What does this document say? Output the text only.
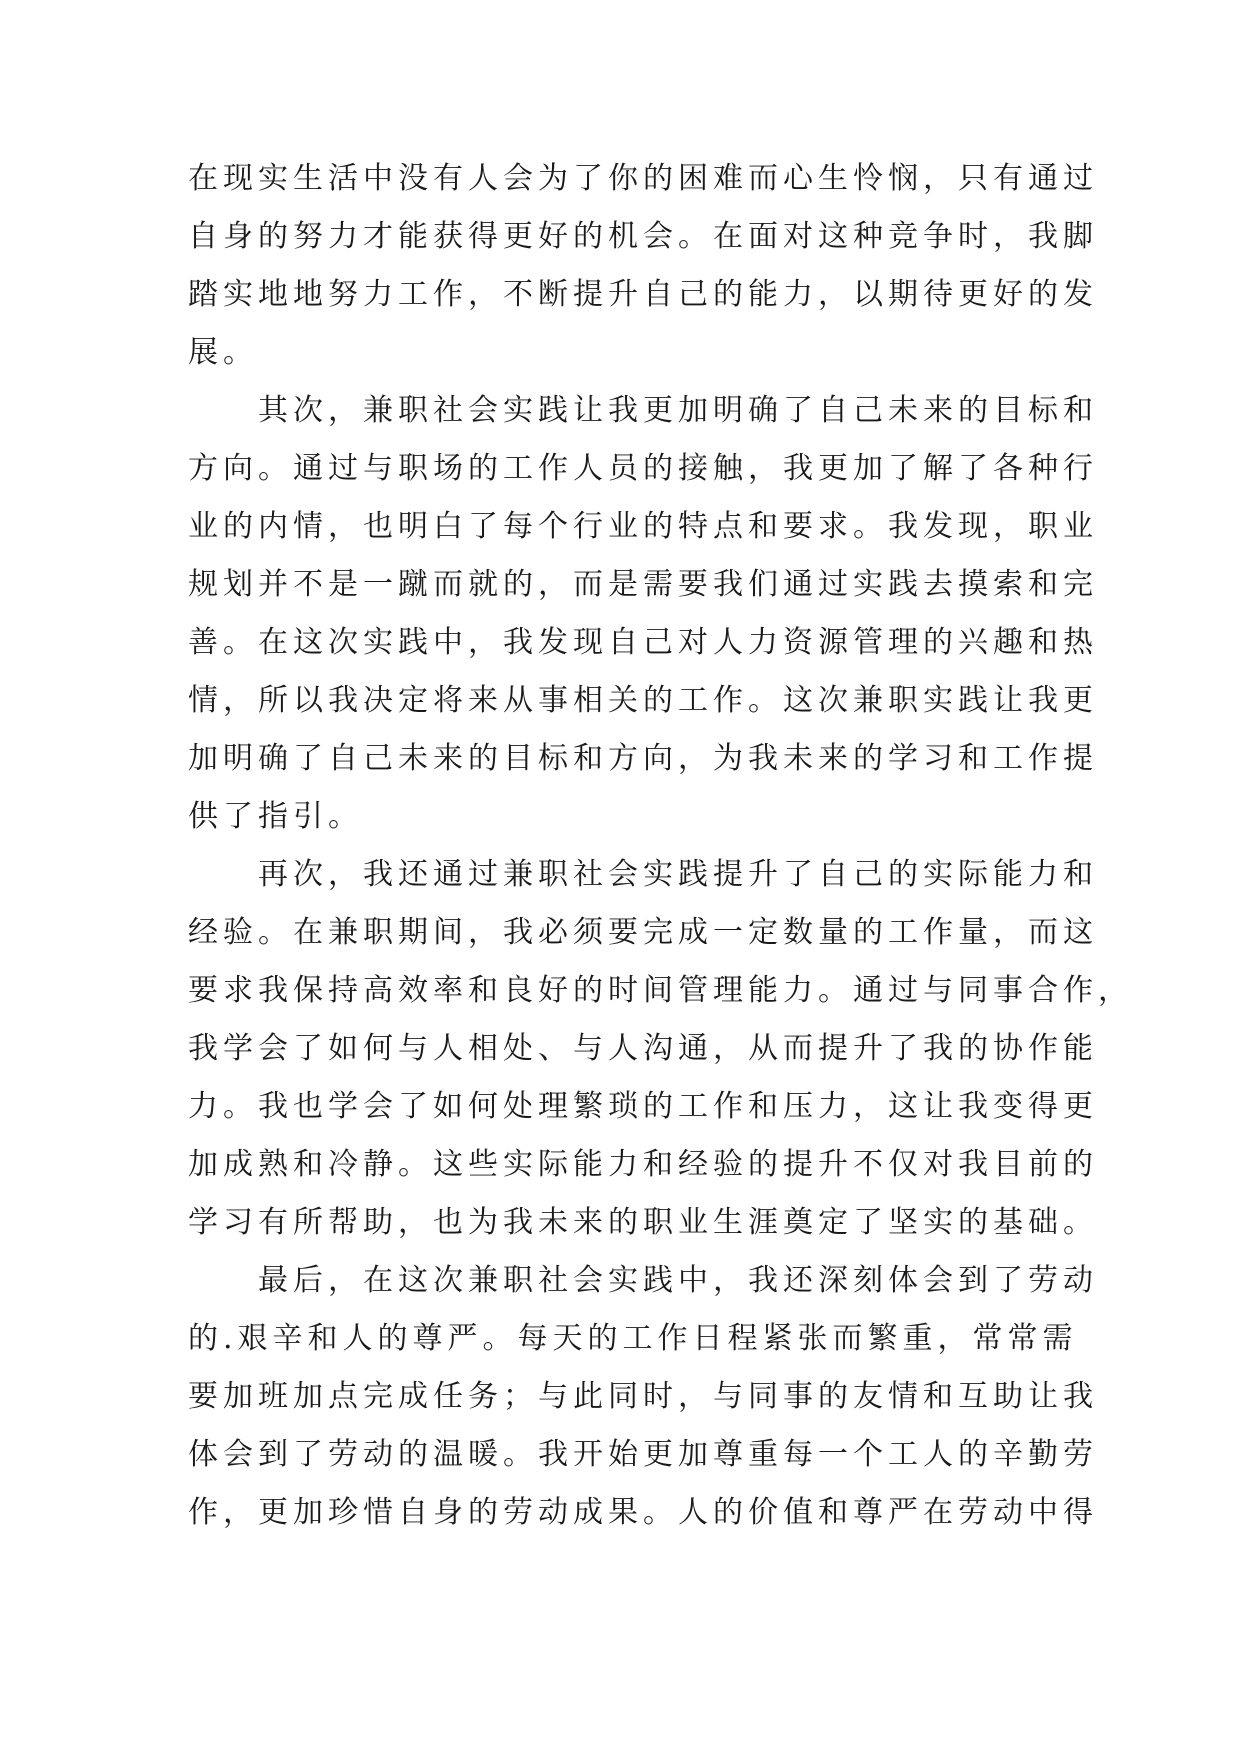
在现实生活中没有人会为了你的困难而心生怜悯，只有通过
自身的努力才能获得更好的机会。在面对这种竞争时，我脚
踏实地地努力工作，不断提升自己的能力，以期待更好的发
展。

其次，兼职社会实践让我更加明确了自己未来的目标和
方向。通过与职场的工作人员的接触，我更加了解了各种行
业的内情，也明白了每个行业的特点和要求。我发现，职业
规划并不是一蹴而就的，而是需要我们通过实践去摸索和完
善。在这次实践中，我发现自己对人力资源管理的兴趣和热
情，所以我决定将来从事相关的工作。这次兼职实践让我更
加明确了自己未来的目标和方向，为我未来的学习和工作提
供了指引。

再次，我还通过兼职社会实践提升了自己的实际能力和
经验。在兼职期间，我必须要完成一定数量的工作量，而这
要求我保持高效率和良好的时间管理能力。通过与同事合作，
我学会了如何与人相处、与人沟通，从而提升了我的协作能
力。我也学会了如何处理繁琐的工作和压力，这让我变得更
加成熟和冷静。这些实际能力和经验的提升不仅对我目前的
学习有所帮助，也为我未来的职业生涯奠定了坚实的基础。

最后，在这次兼职社会实践中，我还深刻体会到了劳动
的.艰辛和人的尊严。每天的工作日程紧张而繁重，常常需
要加班加点完成任务；与此同时，与同事的友情和互助让我
体会到了劳动的温暖。我开始更加尊重每一个工人的辛勤劳
作，更加珍惜自身的劳动成果。人的价值和尊严在劳动中得
